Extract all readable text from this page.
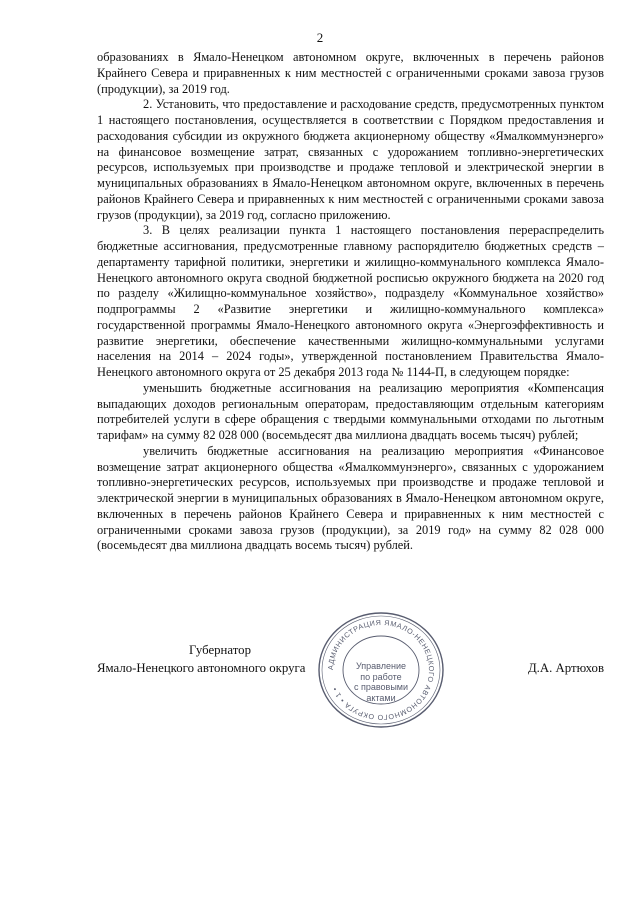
2

образованиях в Ямало-Ненецком автономном округе, включенных в перечень районов Крайнего Севера и приравненных к ним местностей с ограниченными сроками завоза грузов (продукции), за 2019 год.

2. Установить, что предоставление и расходование средств, предусмотренных пунктом 1 настоящего постановления, осуществляется в соответствии с Порядком предоставления и расходования субсидии из окружного бюджета акционерному обществу «Ямалкоммунэнерго» на финансовое возмещение затрат, связанных с удорожанием топливно-энергетических ресурсов, используемых при производстве и продаже тепловой и электрической энергии в муниципальных образованиях в Ямало-Ненецком автономном округе, включенных в перечень районов Крайнего Севера и приравненных к ним местностей с ограниченными сроками завоза грузов (продукции), за 2019 год, согласно приложению.

3. В целях реализации пункта 1 настоящего постановления перераспределить бюджетные ассигнования, предусмотренные главному распорядителю бюджетных средств – департаменту тарифной политики, энергетики и жилищно-коммунального комплекса Ямало-Ненецкого автономного округа сводной бюджетной росписью окружного бюджета на 2020 год по разделу «Жилищно-коммунальное хозяйство», подразделу «Коммунальное хозяйство» подпрограммы 2 «Развитие энергетики и жилищно-коммунального комплекса» государственной программы Ямало-Ненецкого автономного округа «Энергоэффективность и развитие энергетики, обеспечение качественными жилищно-коммунальными услугами населения на 2014 – 2024 годы», утвержденной постановлением Правительства Ямало-Ненецкого автономного округа от 25 декабря 2013 года № 1144-П, в следующем порядке:

уменьшить бюджетные ассигнования на реализацию мероприятия «Компенсация выпадающих доходов региональным операторам, предоставляющим отдельным категориям потребителей услуги в сфере обращения с твердыми коммунальными отходами по льготным тарифам» на сумму 82 028 000 (восемьдесят два миллиона двадцать восемь тысяч) рублей;

увеличить бюджетные ассигнования на реализацию мероприятия «Финансовое возмещение затрат акционерного общества «Ямалкоммунэнерго», связанных с удорожанием топливно-энергетических ресурсов, используемых при производстве и продаже тепловой и электрической энергии в муниципальных образованиях в Ямало-Ненецком автономном округе, включенных в перечень районов Крайнего Севера и приравненных к ним местностей с ограниченными сроками завоза грузов (продукции), за 2019 год» на сумму 82 028 000 (восемьдесят два миллиона двадцать восемь тысяч) рублей.

Губернатор
Ямало-Ненецкого автономного округа	Д.А. Артюхов
АДМИНИСТРАЦИЯ ЯМАЛО-НЕНЕЦКОГО АВТОНОМНОГО ОКРУГА • 1 •
Управление
по работе
с правовыми
актами
